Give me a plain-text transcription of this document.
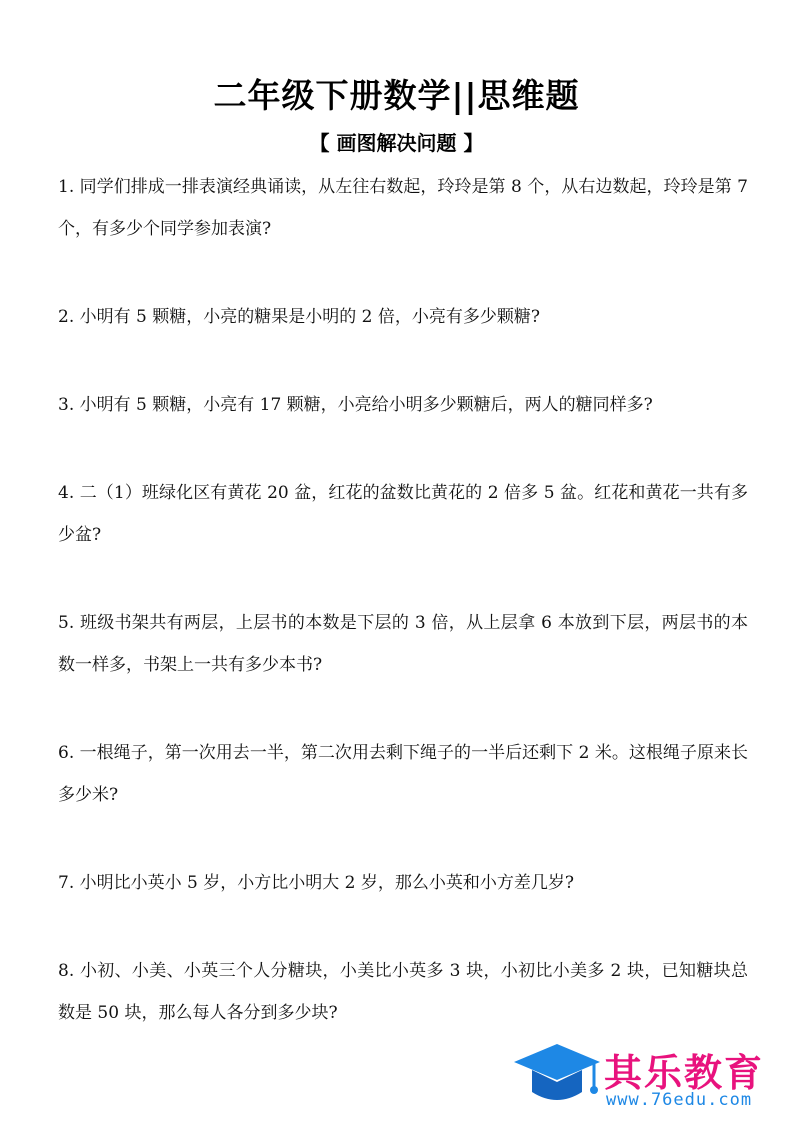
二年级下册数学||思维题
【 画图解决问题 】

1. 同学们排成一排表演经典诵读，从左往右数起，玲玲是第 8 个，从右边数起，玲玲是第 7 个，有多少个同学参加表演?

2. 小明有 5 颗糖，小亮的糖果是小明的 2 倍，小亮有多少颗糖?

3. 小明有 5 颗糖，小亮有 17 颗糖，小亮给小明多少颗糖后，两人的糖同样多?

4. 二（1）班绿化区有黄花 20 盆，红花的盆数比黄花的 2 倍多 5 盆。红花和黄花一共有多少盆?

5. 班级书架共有两层，上层书的本数是下层的 3 倍，从上层拿 6 本放到下层，两层书的本数一样多，书架上一共有多少本书?

6. 一根绳子，第一次用去一半，第二次用去剩下绳子的一半后还剩下 2 米。这根绳子原来长多少米?

7. 小明比小英小 5 岁，小方比小明大 2 岁，那么小英和小方差几岁?

8. 小初、小美、小英三个人分糖块，小美比小英多 3 块，小初比小美多 2 块，已知糖块总数是 50 块，那么每人各分到多少块?

其乐教育
www.76edu.com
